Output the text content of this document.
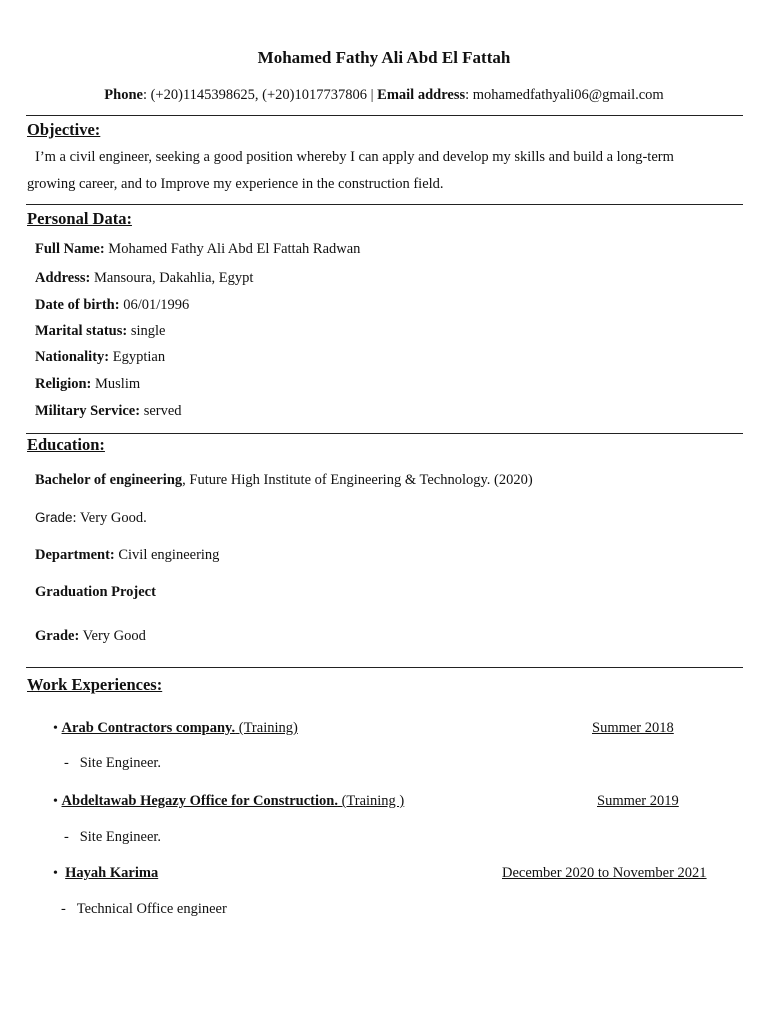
Mohamed Fathy Ali Abd El Fattah
Phone: (+20)1145398625, (+20)1017737806 | Email address: mohamedfathyali06@gmail.com
Objective:
I’m a civil engineer, seeking a good position whereby I can apply and develop my skills and build a long-term
growing career, and to Improve my experience in the construction field.
Personal Data:
Full Name: Mohamed Fathy Ali Abd El Fattah Radwan
Address: Mansoura, Dakahlia, Egypt
Date of birth: 06/01/1996
Marital status: single
Nationality: Egyptian
Religion: Muslim
Military Service: served
Education:
Bachelor of engineering, Future High Institute of Engineering & Technology. (2020)
Grade: Very Good.
Department: Civil engineering
Graduation Project
Grade: Very Good
Work Experiences:
• Arab Contractors company. (Training)	Summer 2018
- Site Engineer.
• Abdeltawab Hegazy Office for Construction. (Training )	Summer 2019
- Site Engineer.
• Hayah Karima	December 2020 to November 2021
- Technical Office engineer
